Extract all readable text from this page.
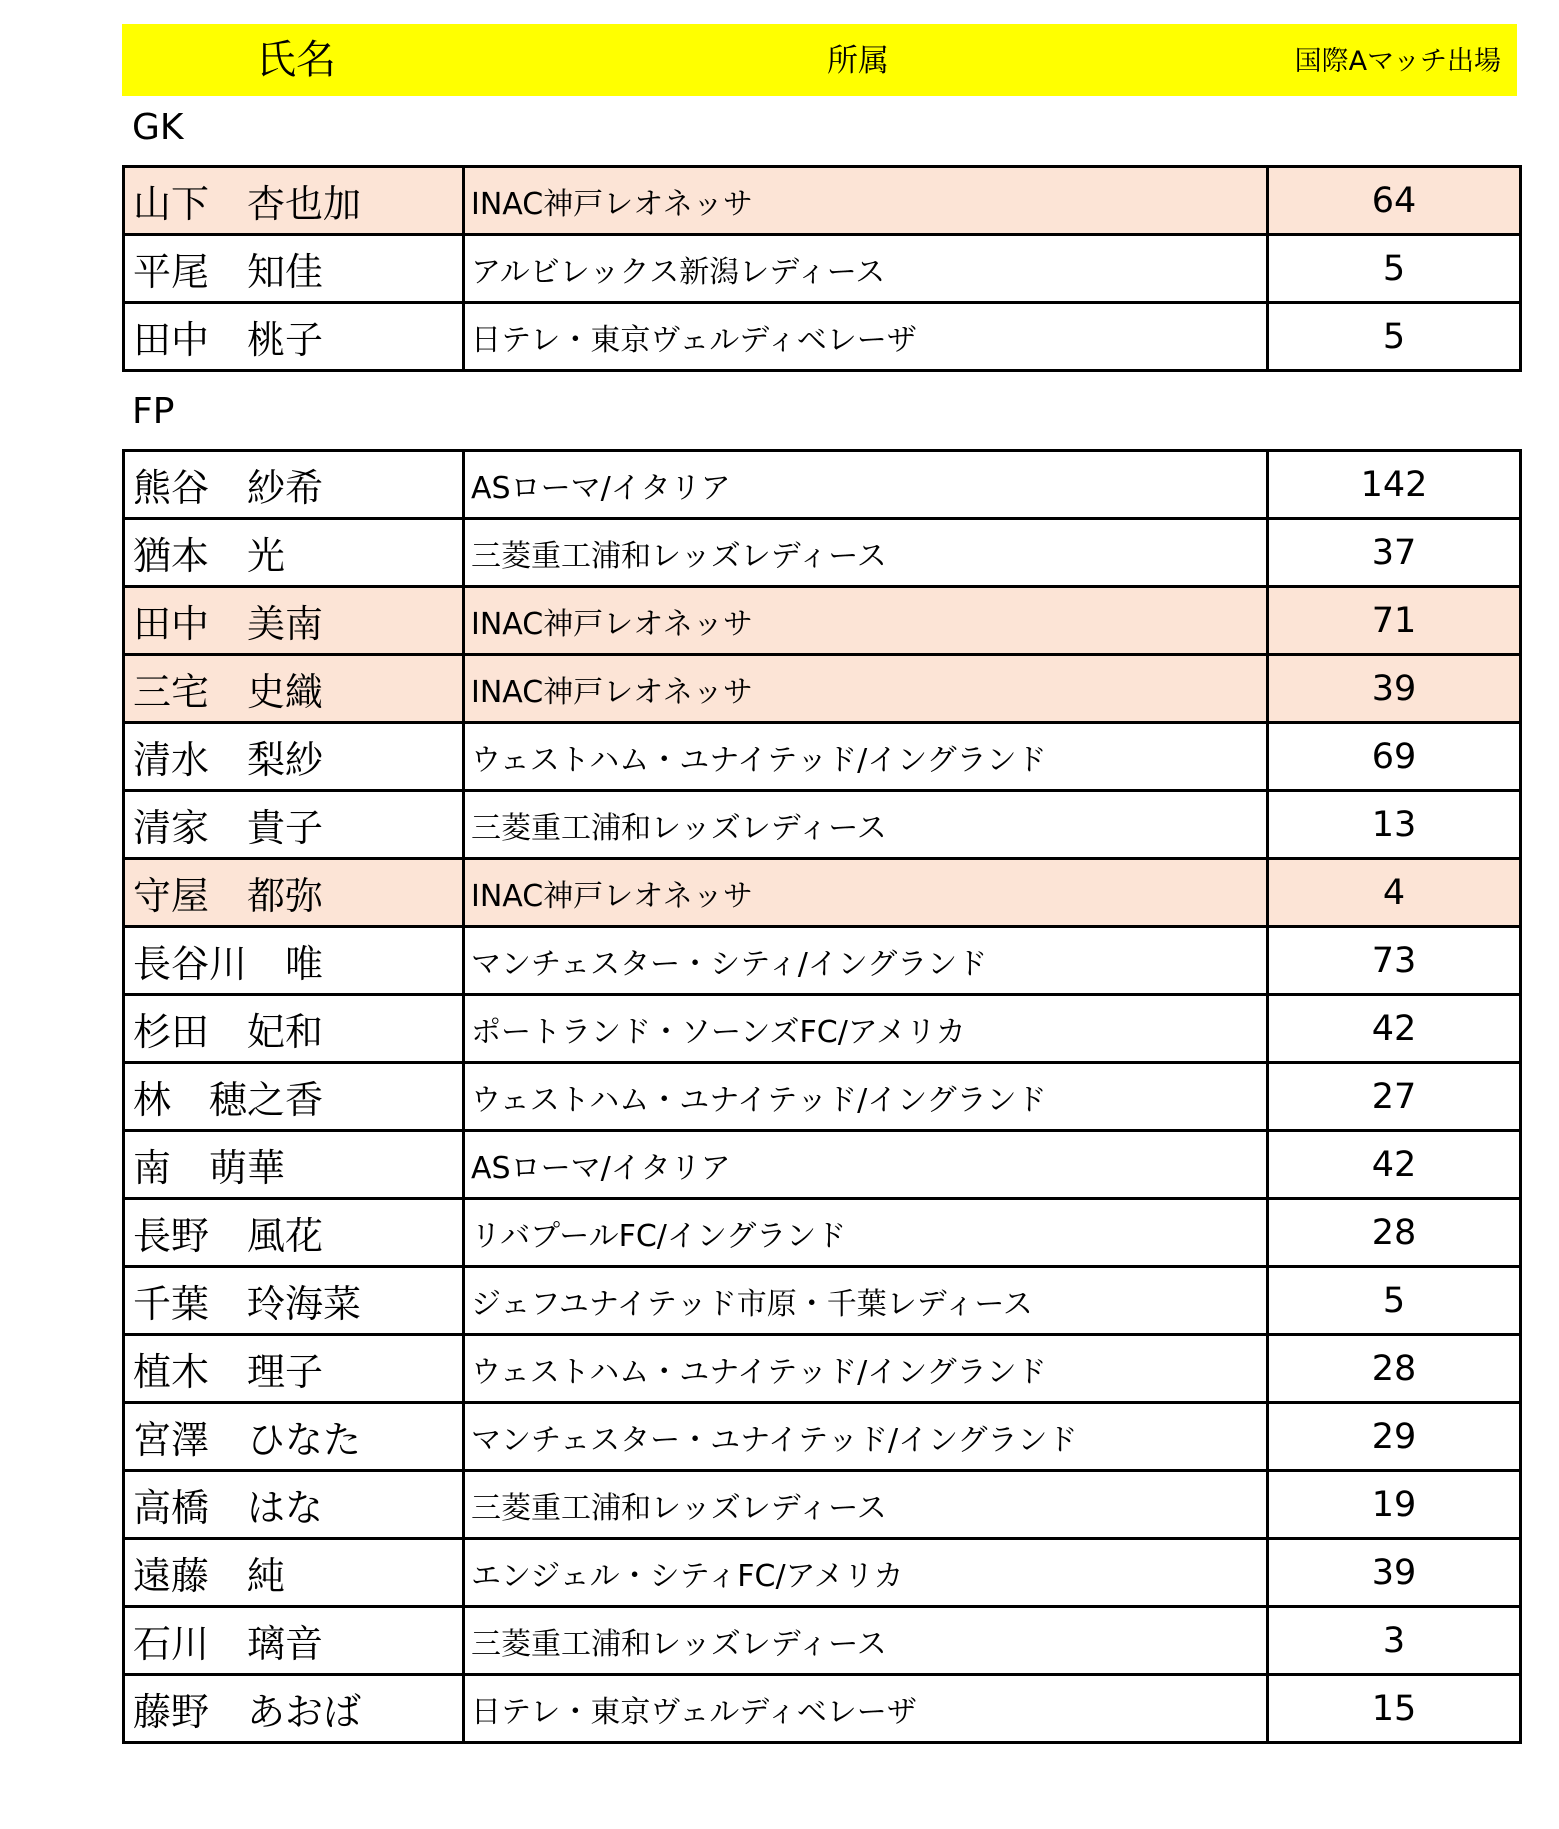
氏名	所属	国際Aマッチ出場
GK
山下　杏也加	INAC神戸レオネッサ	64
平尾　知佳	アルビレックス新潟レディース	5
田中　桃子	日テレ・東京ヴェルディベレーザ	5
FP
熊谷　紗希	ASローマ/イタリア	142
猶本　光	三菱重工浦和レッズレディース	37
田中　美南	INAC神戸レオネッサ	71
三宅　史織	INAC神戸レオネッサ	39
清水　梨紗	ウェストハム・ユナイテッド/イングランド	69
清家　貴子	三菱重工浦和レッズレディース	13
守屋　都弥	INAC神戸レオネッサ	4
長谷川　唯	マンチェスター・シティ/イングランド	73
杉田　妃和	ポートランド・ソーンズFC/アメリカ	42
林　穂之香	ウェストハム・ユナイテッド/イングランド	27
南　萌華	ASローマ/イタリア	42
長野　風花	リバプールFC/イングランド	28
千葉　玲海菜	ジェフユナイテッド市原・千葉レディース	5
植木　理子	ウェストハム・ユナイテッド/イングランド	28
宮澤　ひなた	マンチェスター・ユナイテッド/イングランド	29
高橋　はな	三菱重工浦和レッズレディース	19
遠藤　純	エンジェル・シティFC/アメリカ	39
石川　璃音	三菱重工浦和レッズレディース	3
藤野　あおば	日テレ・東京ヴェルディベレーザ	15
